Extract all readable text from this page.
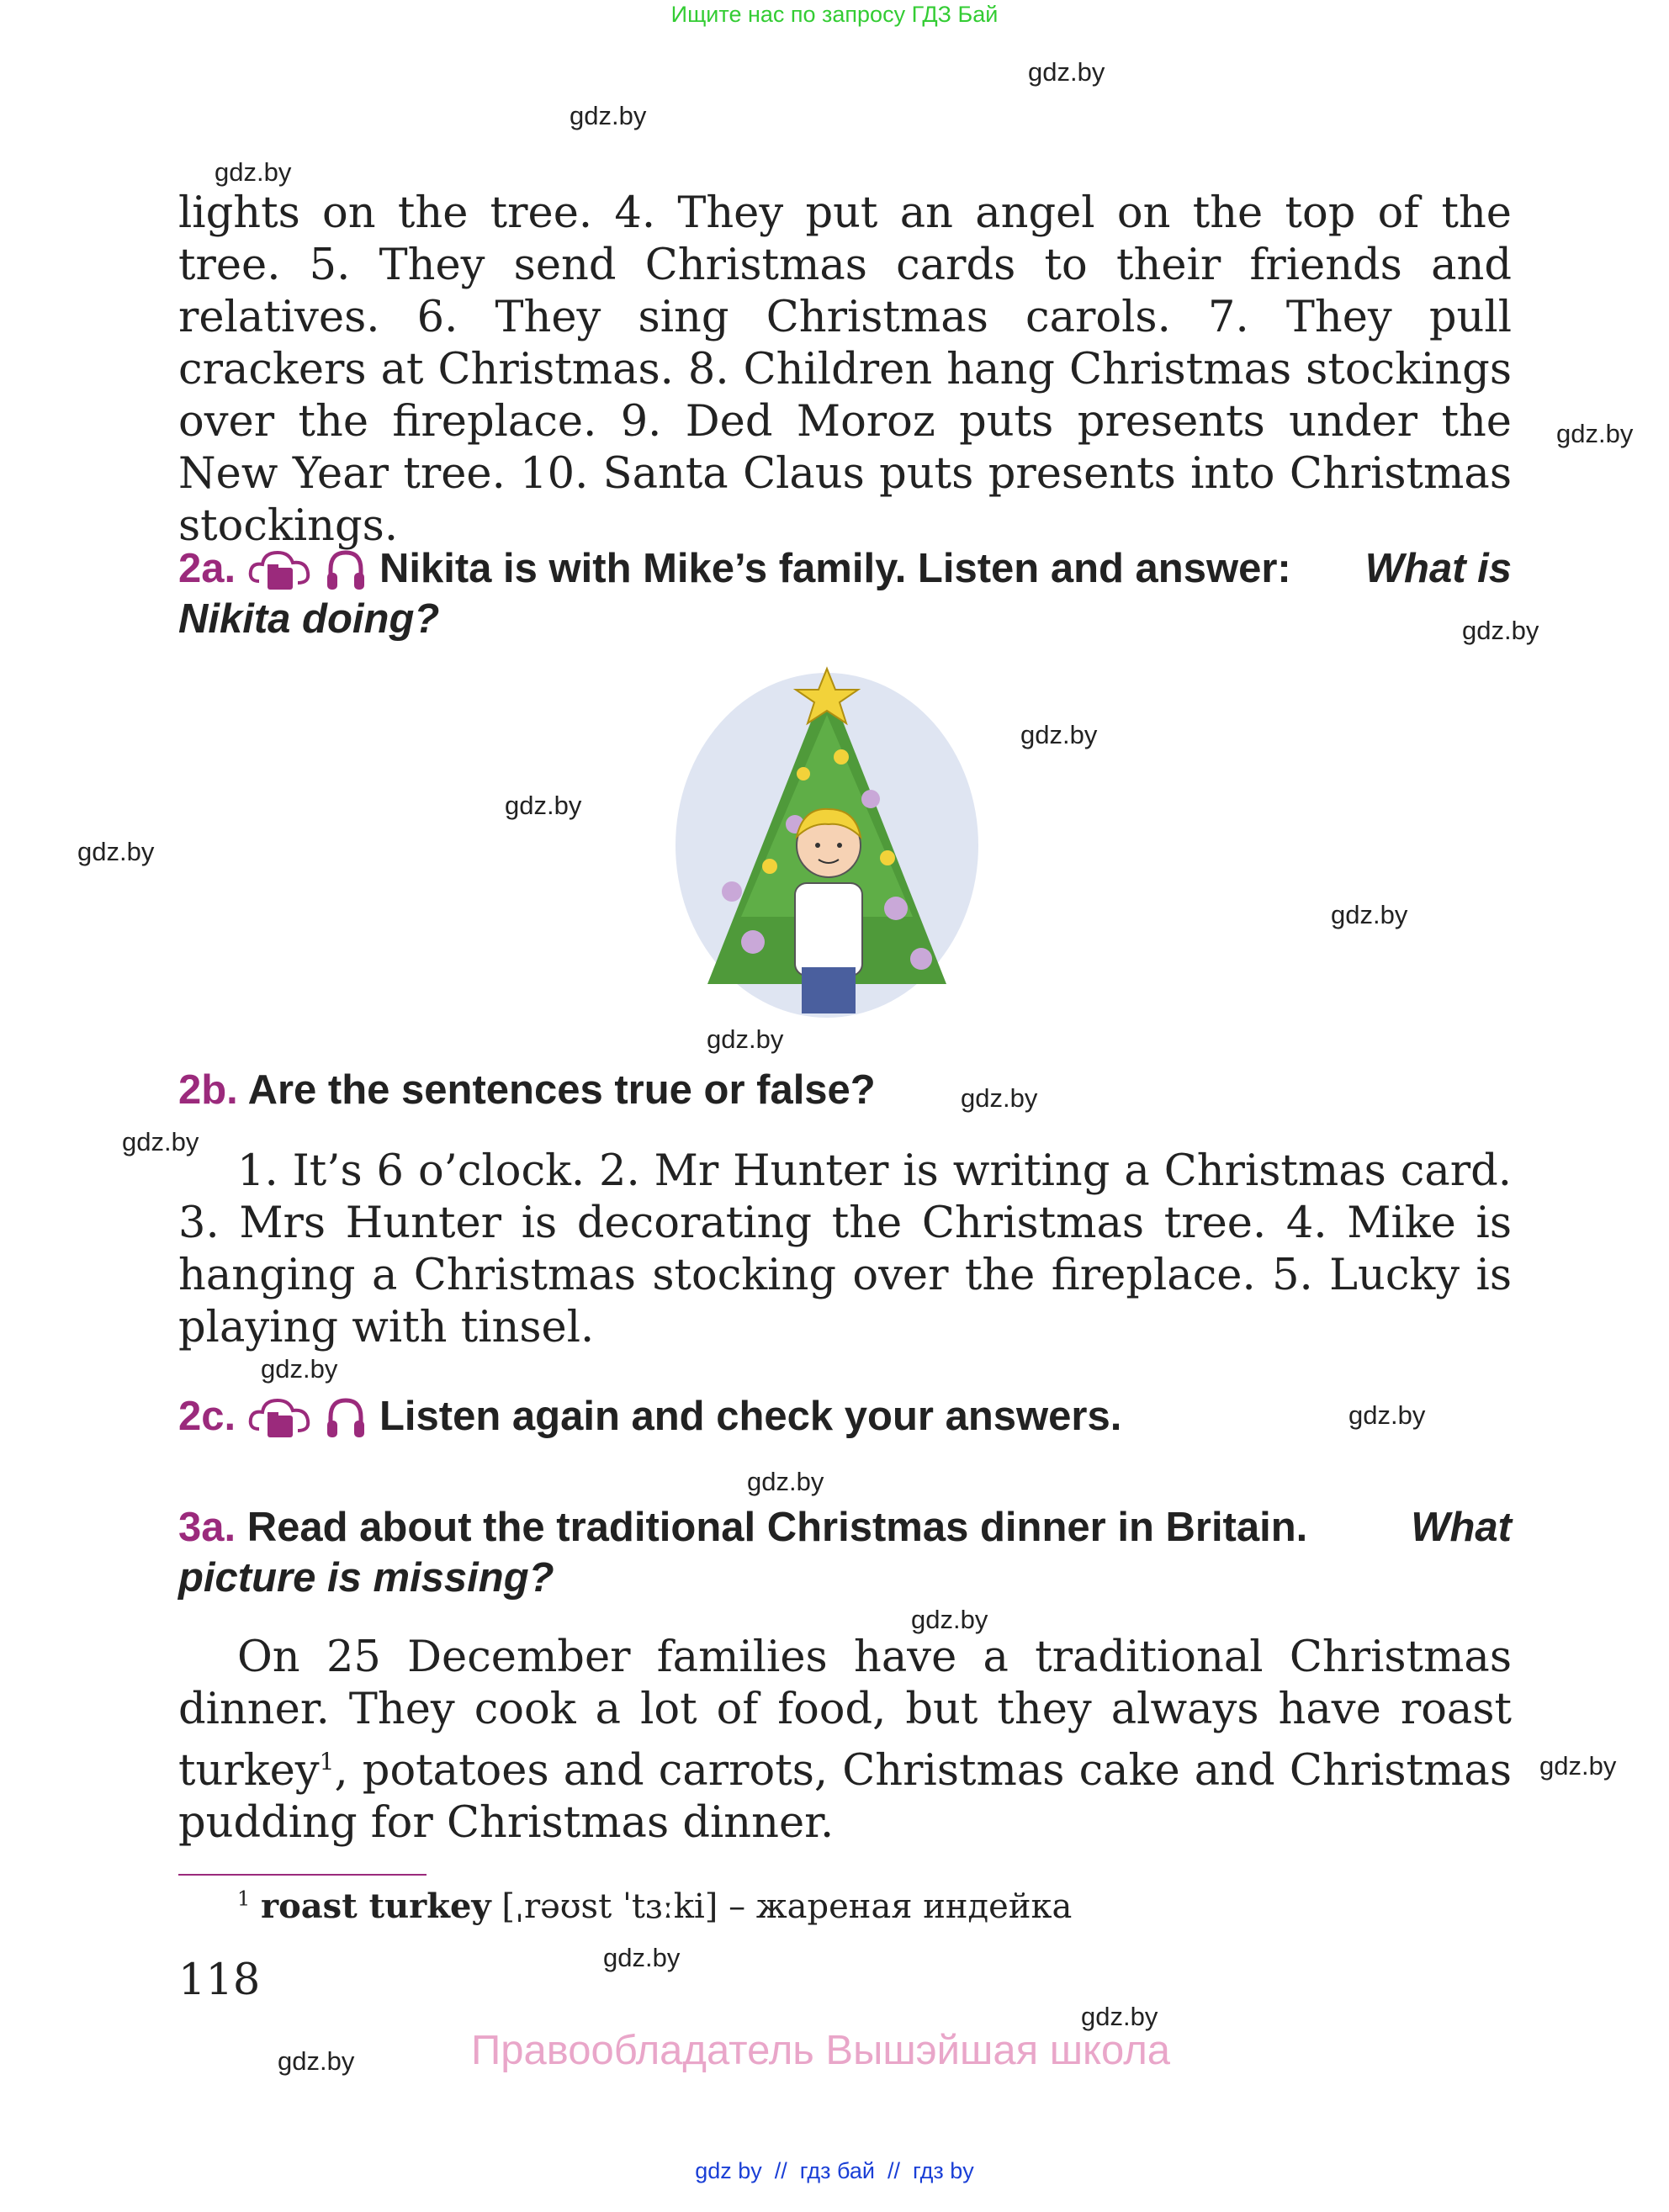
Ищите нас по запросу ГДЗ Бай
gdz.by
gdz.by
gdz.by
gdz.by
gdz.by
gdz.by
gdz.by
gdz.by
gdz.by
gdz.by
gdz.by
gdz.by
gdz.by
gdz.by
gdz.by
gdz.by
gdz.by
gdz.by
gdz.by
gdz.by

lights on the tree. 4. They put an angel on the top of the tree. 5. They send Christmas cards to their friends and relatives. 6. They sing Christmas carols. 7. They pull crackers at Christmas. 8. Children hang Christmas stockings over the fireplace. 9. Ded Moroz puts presents under the New Year tree. 10. Santa Claus puts presents into Christmas stockings.

2a.	Nikita is with Mike’s family. Listen and answer: What is
Nikita doing?
2b. Are the sentences true or false?

1. It’s 6 o’clock. 2. Mr Hunter is writing a Christmas card. 3. Mrs Hunter is decorating the Christmas tree. 4. Mike is hanging a Christmas stocking over the fireplace. 5. Lucky is playing with tinsel.

2c.	Listen again and check your answers.
3a. Read about the traditional Christmas dinner in Britain.	What
picture is missing?

On 25 December families have a traditional Christmas dinner. They cook a lot of food, but they always have roast turkey$^1$, potatoes and carrots, Christmas cake and Christmas pudding for Christmas dinner.

$^1$ roast turkey [ˌrəʊst ˈtɜːki] – жареная индейка
118
Правообладатель Вышэйшая школа
gdz by  //  гдз бай  //  гдз by
